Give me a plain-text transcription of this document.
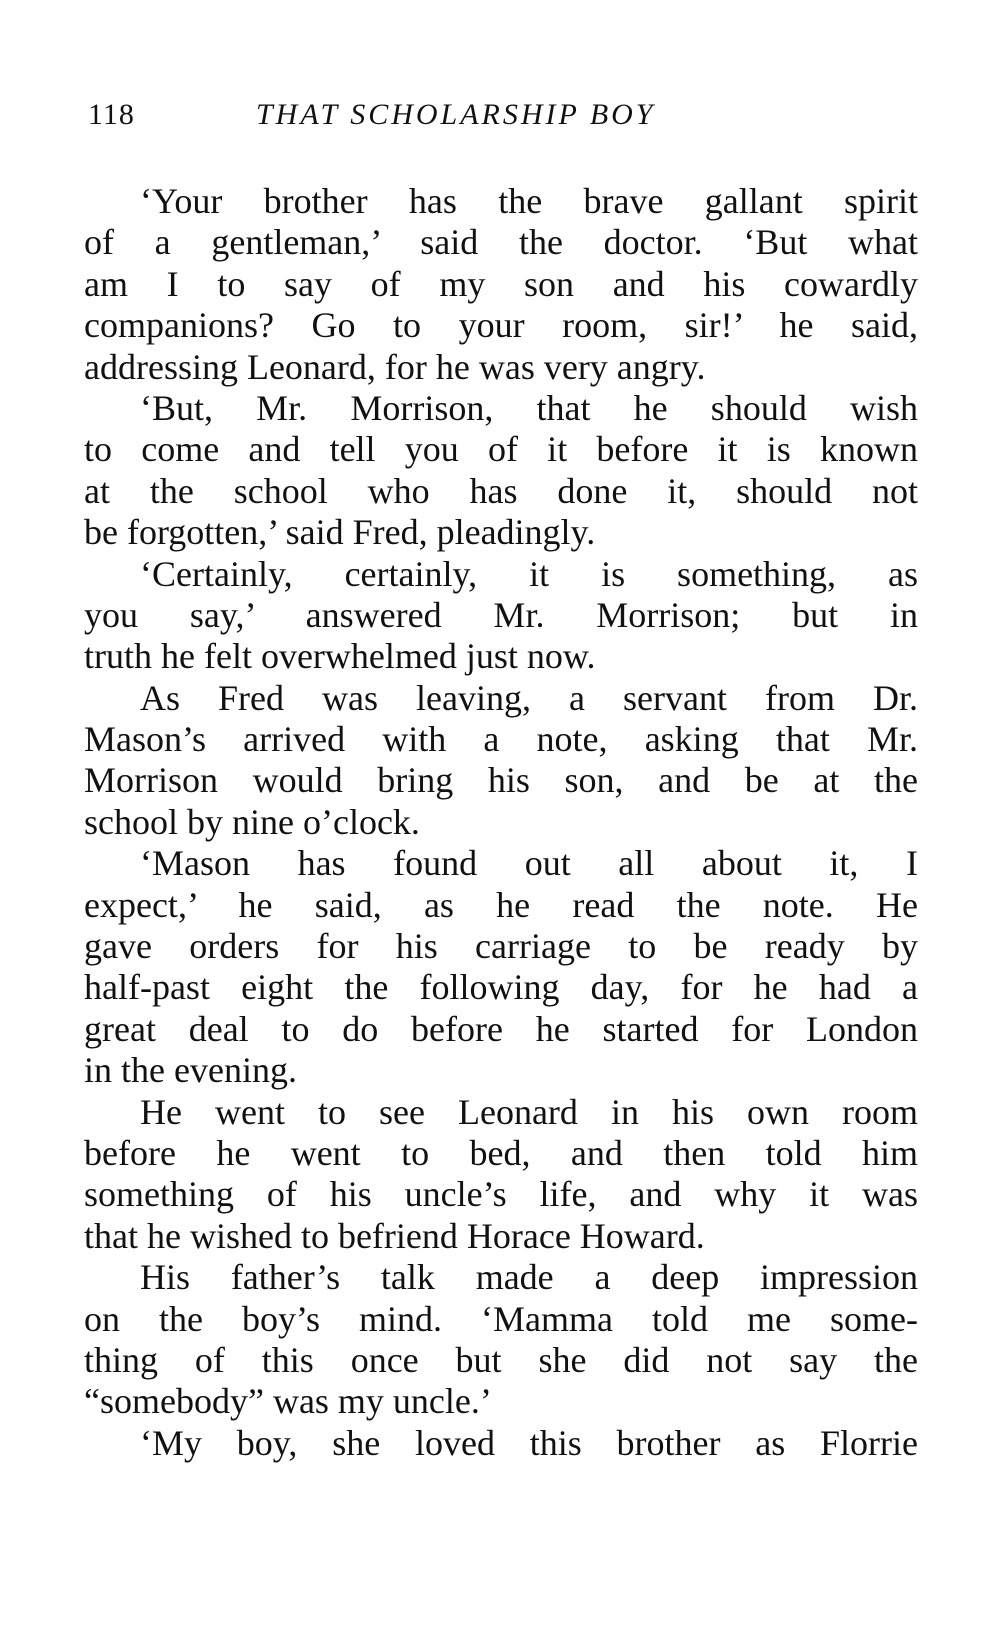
118	THAT SCHOLARSHIP BOY
‘Your brother has the brave gallant spirit
of a gentleman,’ said the doctor. ‘But what
am I to say of my son and his cowardly
companions? Go to your room, sir!’ he said,
addressing Leonard, for he was very angry.
‘But, Mr. Morrison, that he should wish
to come and tell you of it before it is known
at the school who has done it, should not
be forgotten,’ said Fred, pleadingly.
‘Certainly, certainly, it is something, as
you say,’ answered Mr. Morrison; but in
truth he felt overwhelmed just now.
As Fred was leaving, a servant from Dr.
Mason’s arrived with a note, asking that Mr.
Morrison would bring his son, and be at the
school by nine o’clock.
‘Mason has found out all about it, I
expect,’ he said, as he read the note. He
gave orders for his carriage to be ready by
half-past eight the following day, for he had a
great deal to do before he started for London
in the evening.
He went to see Leonard in his own room
before he went to bed, and then told him
something of his uncle’s life, and why it was
that he wished to befriend Horace Howard.
His father’s talk made a deep impression
on the boy’s mind. ‘Mamma told me some-
thing of this once but she did not say the
“somebody” was my uncle.’
‘My boy, she loved this brother as Florrie
